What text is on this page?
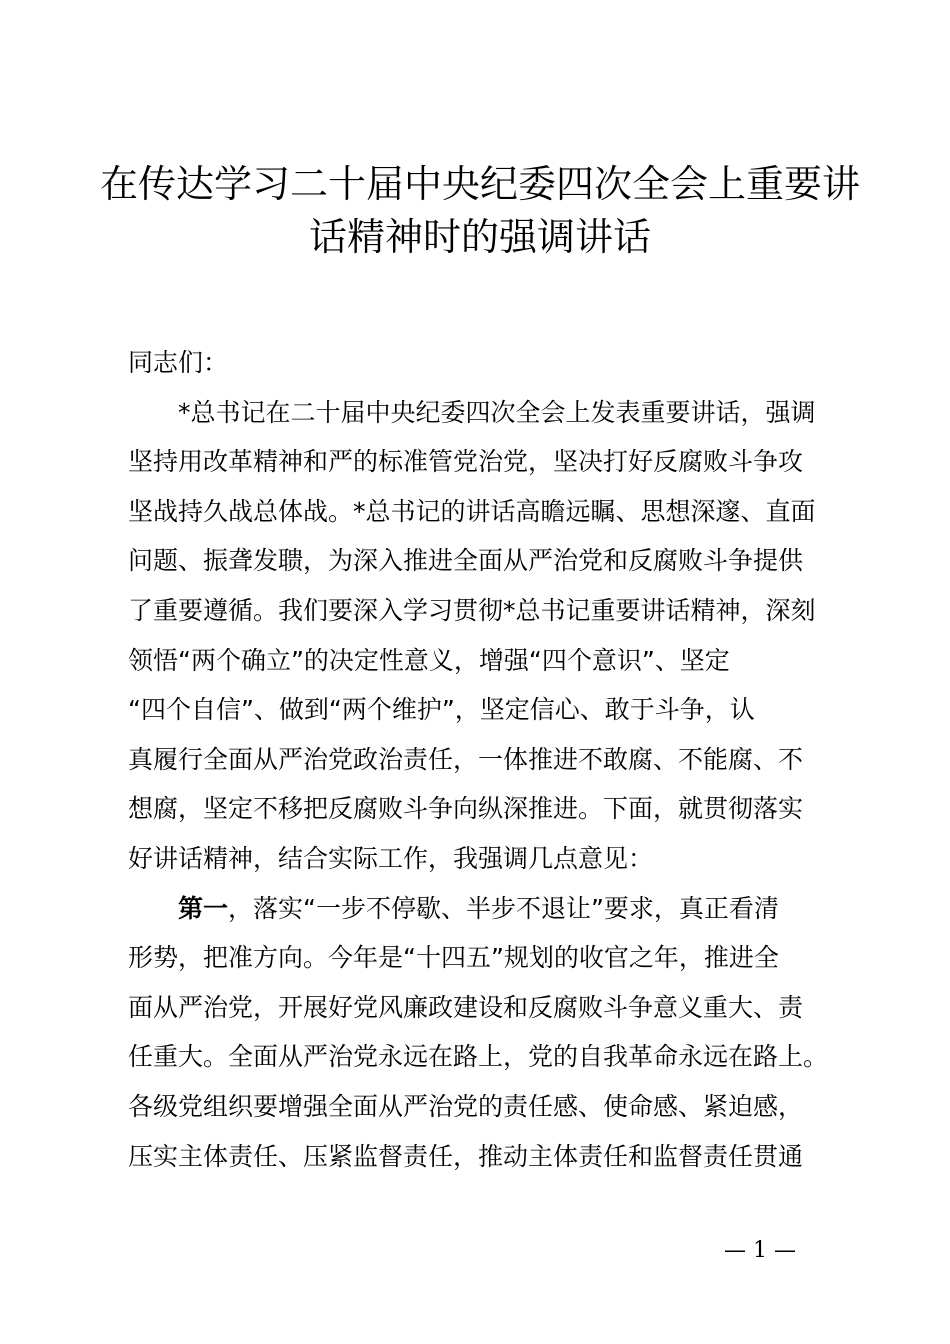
在传达学习二十届中央纪委四次全会上重要讲
话精神时的强调讲话
同志们：
*总书记在二十届中央纪委四次全会上发表重要讲话，强调
坚持用改革精神和严的标准管党治党，坚决打好反腐败斗争攻
坚战持久战总体战。*总书记的讲话高瞻远瞩、思想深邃、直面
问题、振聋发聩，为深入推进全面从严治党和反腐败斗争提供
了重要遵循。我们要深入学习贯彻*总书记重要讲话精神，深刻
领悟“两个确立”的决定性意义，增强“四个意识”、坚定
“四个自信”、做到“两个维护”，坚定信心、敢于斗争，认
真履行全面从严治党政治责任，一体推进不敢腐、不能腐、不
想腐，坚定不移把反腐败斗争向纵深推进。下面，就贯彻落实
好讲话精神，结合实际工作，我强调几点意见：
第一，落实“一步不停歇、半步不退让”要求，真正看清
形势，把准方向。今年是“十四五”规划的收官之年，推进全
面从严治党，开展好党风廉政建设和反腐败斗争意义重大、责
任重大。全面从严治党永远在路上，党的自我革命永远在路上。
各级党组织要增强全面从严治党的责任感、使命感、紧迫感，
压实主体责任、压紧监督责任，推动主体责任和监督责任贯通
— 1 —
